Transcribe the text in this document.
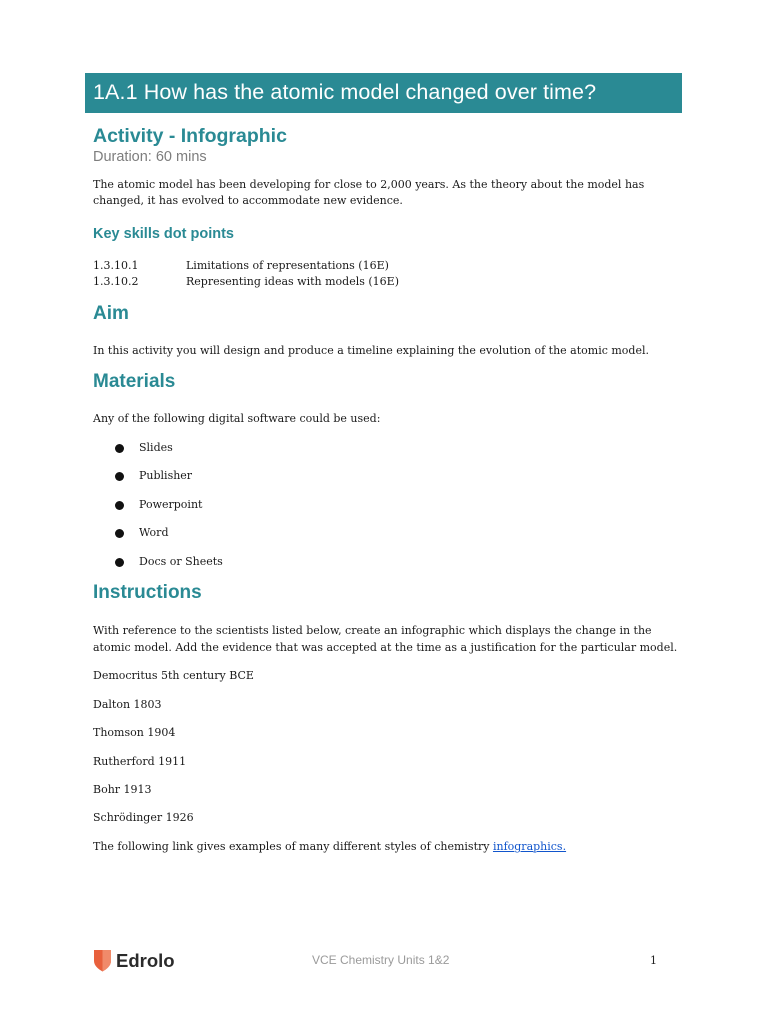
1A.1 How has the atomic model changed over time?
Activity - Infographic
Duration: 60 mins

The atomic model has been developing for close to 2,000 years. As the theory about the model has

changed, it has evolved to accommodate new evidence.

Key skills dot points
1.3.10.1	Limitations of representations (16E)
1.3.10.2	Representing ideas with models (16E)
Aim

In this activity you will design and produce a timeline explaining the evolution of the atomic model.

Materials

Any of the following digital software could be used:

Slides
Publisher
Powerpoint
Word
Docs or Sheets
Instructions

With reference to the scientists listed below, create an infographic which displays the change in the

atomic model. Add the evidence that was accepted at the time as a justification for the particular model.

Democritus 5th century BCE
Dalton 1803
Thomson 1904
Rutherford 1911
Bohr 1913
Schrödinger 1926
The following link gives examples of many different styles of chemistry infographics.
Edrolo	VCE Chemistry Units 1&2	1
